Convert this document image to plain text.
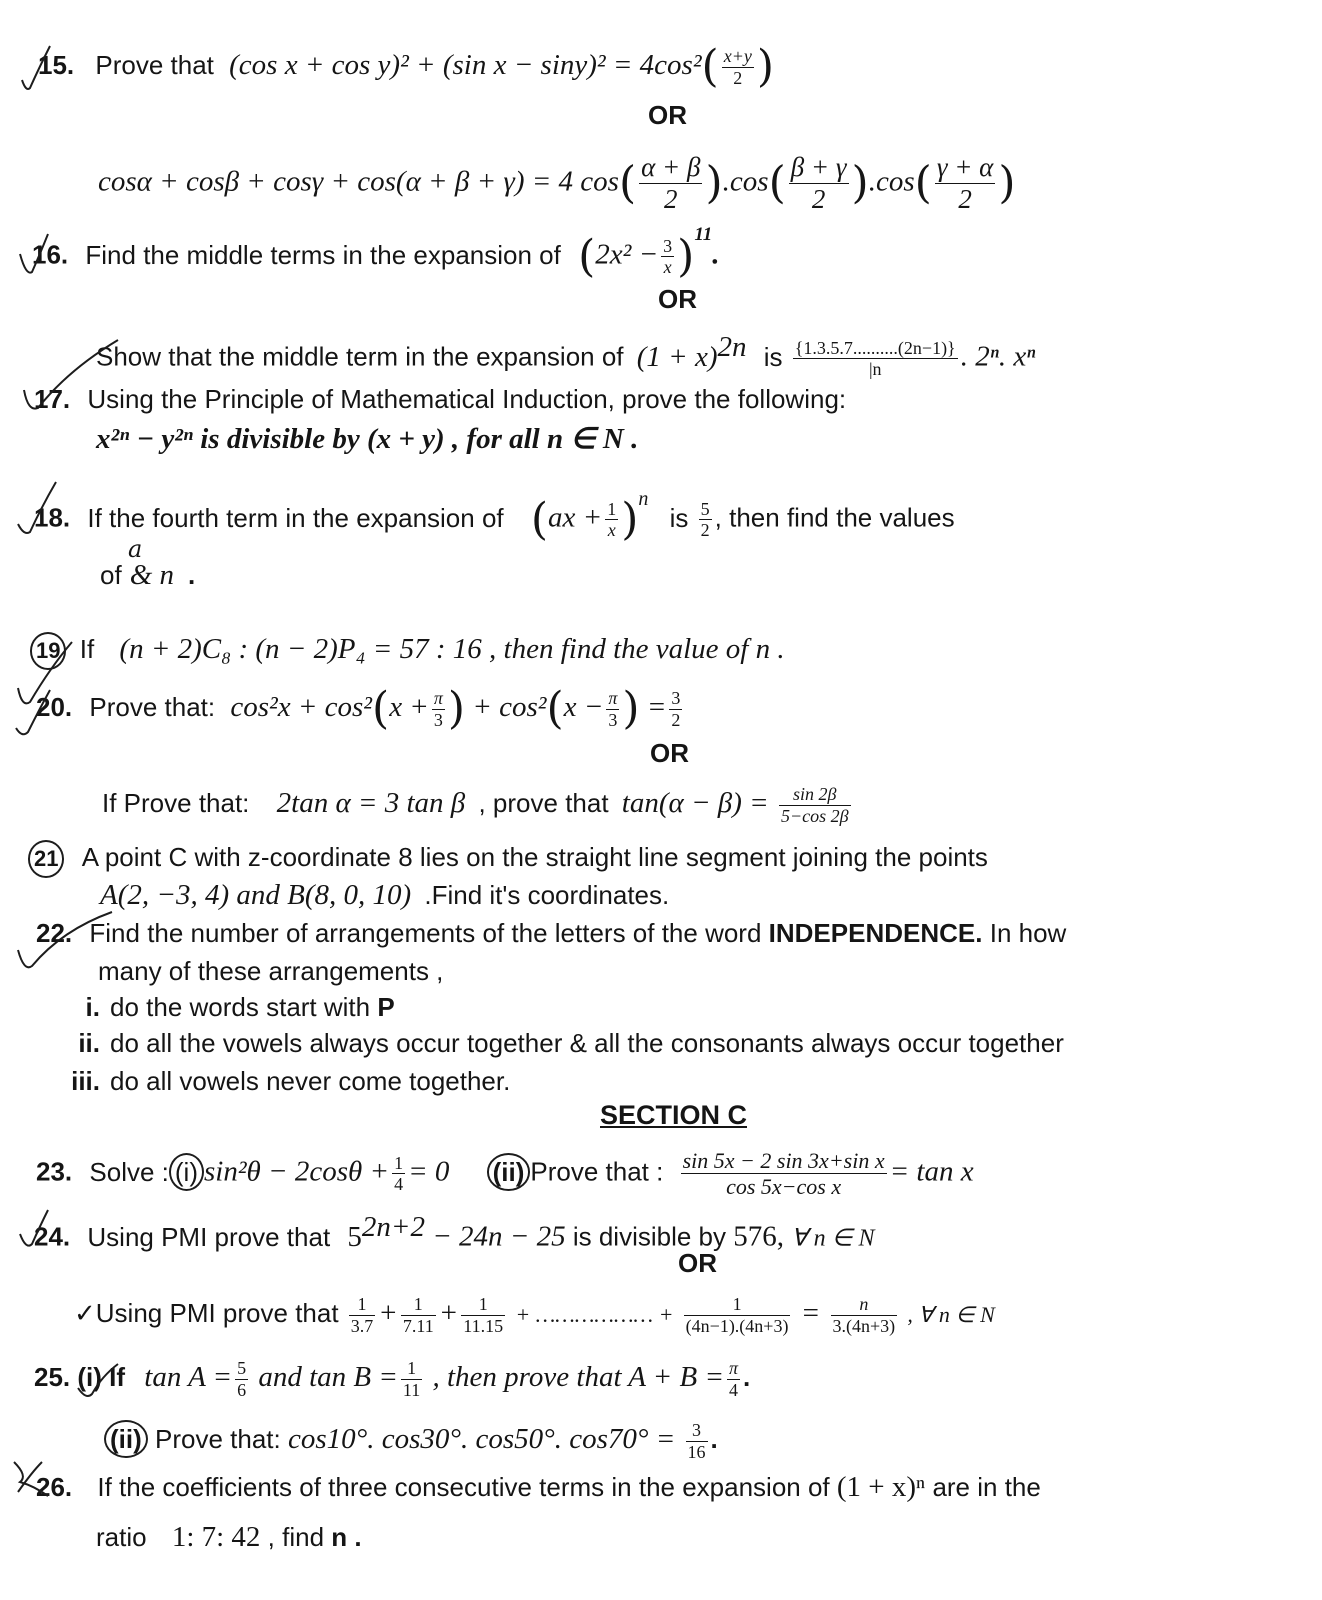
15. Prove that (cos x + cos y)² + (sin $x - \sin y)^2 = 4\cos^2( \frac{x+y}{2}$ )
OR
cosα + cosβ + cosγ + cos(α + β + γ) = 4 $\cos( \frac{\alpha + \beta}{2} ).\cos( \frac{\beta + \gamma}{2} ).\cos( \frac{\gamma + \alpha}{2}$ )
16. Find the middle terms in the expansion of $(2x^2 - \frac{3}{x} )^{11}$.
OR
Show that the middle term in the expansion of $(1 + x)^{2n}$ is $\frac{\{1.3.5.7..........(2n-1)\}}{|n}$ . 2ⁿ. xⁿ
17. Using the Principle of Mathematical Induction, prove the following:
x²ⁿ − y²ⁿ is divisible by (x + y) , for all n ∈ N .
18. If the fourth term in the expansion of $(ax + \frac{1}{x} )^n$ is $\frac{5}{2}$ , then find the values
a
of & n .
19 If (n + 2)C₈ : (n − 2)P₄ = 57 : 16 , then find the value of n .
20. Prove that: $\cos^2x + \cos^2(x + \frac{\pi}{3}$ ) + $\cos^2(x - \frac{\pi}{3}$ ) = $\frac{3}{2}$
OR
If Prove that: 2tan α = 3 tan β , prove that $\tan(\alpha - \beta) = \frac{\sin 2\beta}{5-\cos 2\beta}$
21 A point C with z-coordinate 8 lies on the straight line segment joining the points
A(2, −3, 4) and B(8, 0, 10) .Find it's coordinates.
22. Find the number of arrangements of the letters of the word INDEPENDENCE. In how
many of these arrangements ,
i. do the words start with P
ii. do all the vowels always occur together & all the consonants always occur together
iii. do all vowels never come together.
SECTION C
23. Solve : (i) $\sin^2\theta - 2\cos\theta + \frac{1}{4} = 0$ (ii) Prove that : $\frac{\text{sin 5x − 2 sin 3x+sin x}}{\text{cos 5x−cos x}} = \tan x$
24. Using PMI prove that $5^{2n+2} - 24n - 25$ is divisible by 576, ∀ n ∈ N
OR
✓Using PMI prove that $\frac{1}{3.7} + \frac{1}{7.11} + \frac{1}{11.15}$ + ……………… + $\frac{1}{(4n-1).(4n+3)} = \frac{n}{3.(4n+3)}$ , ∀ n ∈ N
25. (i) If $\tan A = \frac{5}{6}$ and $\tan B = \frac{1}{11}$ , then prove that $A + B = \frac{\pi}{4}$ .
(ii) Prove that: cos10°. cos30°. cos50°. $\cos 70^\circ = \frac{3}{16}$ .
26. If the coefficients of three consecutive terms in the expansion of (1 + x)ⁿ are in the
ratio 1: 7: 42 , find n .
